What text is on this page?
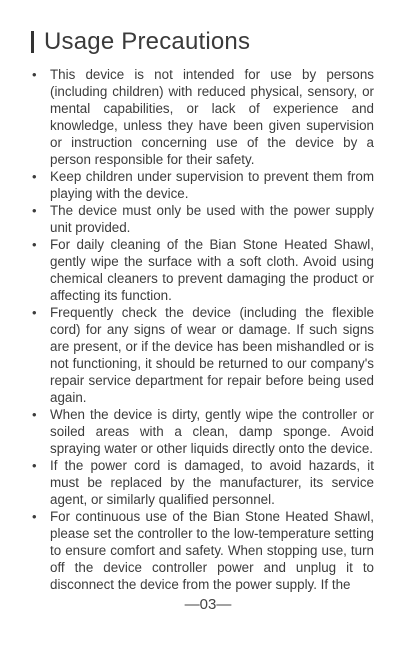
Usage Precautions
• This device is not intended for use by persons (including children) with reduced physical, sensory, or mental capabilities, or lack of experience and knowledge, unless they have been given supervision or instruction concerning use of the device by a person responsible for their safety.
• Keep children under supervision to prevent them from playing with the device.
• The device must only be used with the power supply unit provided.
• For daily cleaning of the Bian Stone Heated Shawl, gently wipe the surface with a soft cloth. Avoid using chemical cleaners to prevent damaging the product or affecting its function.
• Frequently check the device (including the flexible cord) for any signs of wear or damage. If such signs are present, or if the device has been mishandled or is not functioning, it should be returned to our company's repair service department for repair before being used again.
• When the device is dirty, gently wipe the controller or soiled areas with a clean, damp sponge. Avoid spraying water or other liquids directly onto the device.
• If the power cord is damaged, to avoid hazards, it must be replaced by the manufacturer, its service agent, or similarly qualified personnel.
• For continuous use of the Bian Stone Heated Shawl, please set the controller to the low-temperature setting to ensure comfort and safety. When stopping use, turn off the device controller power and unplug it to disconnect the device from the power supply. If the
—03—
